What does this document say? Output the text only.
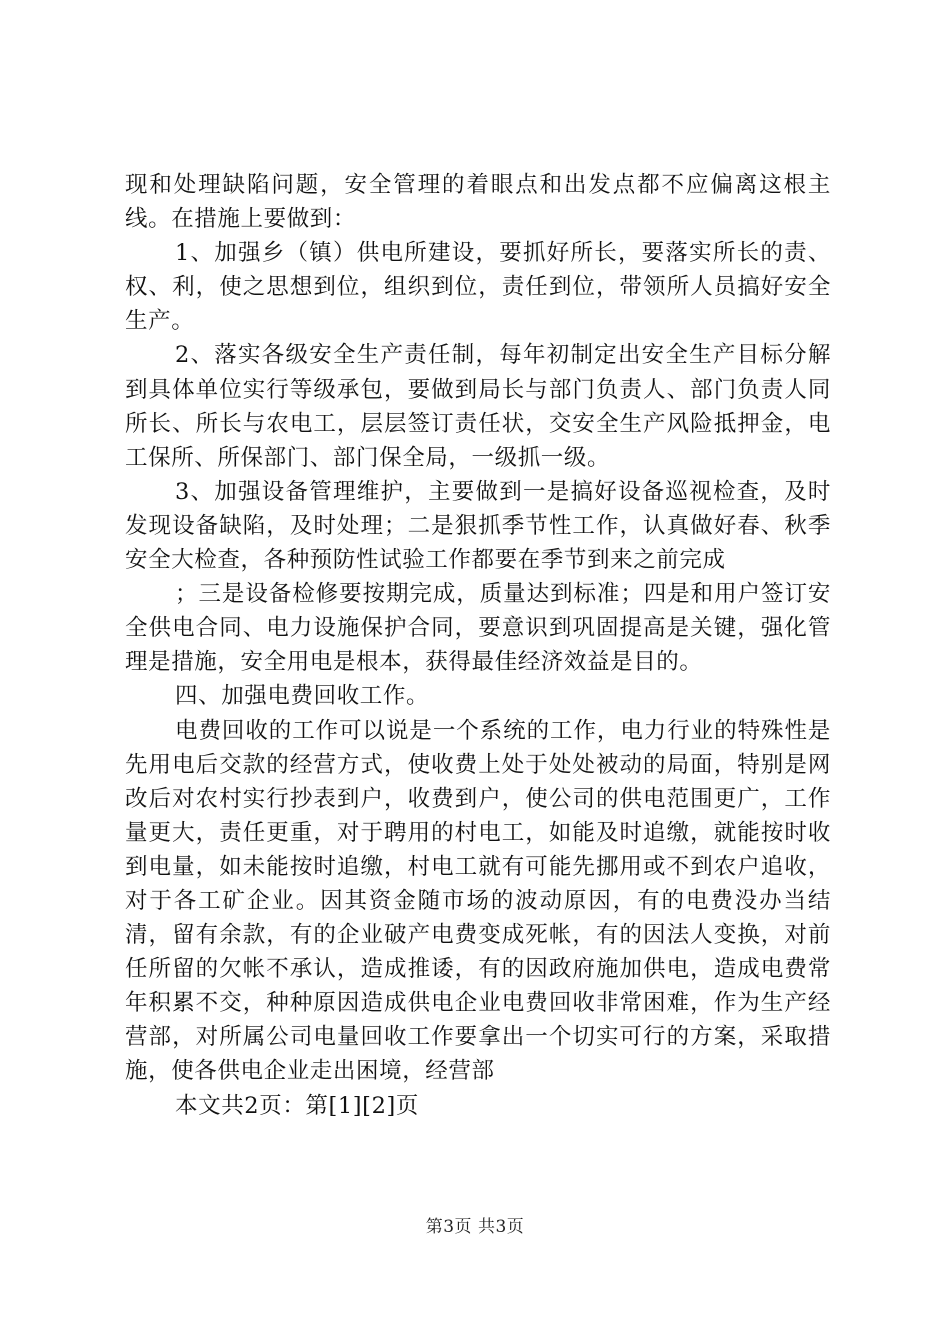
现和处理缺陷问题，安全管理的着眼点和出发点都不应偏离这根主线。在措施上要做到：

1、加强乡（镇）供电所建设，要抓好所长，要落实所长的责、权、利，使之思想到位，组织到位，责任到位，带领所人员搞好安全生产。

2、落实各级安全生产责任制，每年初制定出安全生产目标分解到具体单位实行等级承包，要做到局长与部门负责人、部门负责人同所长、所长与农电工，层层签订责任状，交安全生产风险抵押金，电工保所、所保部门、部门保全局，一级抓一级。

3、加强设备管理维护，主要做到一是搞好设备巡视检查，及时发现设备缺陷，及时处理；二是狠抓季节性工作，认真做好春、秋季安全大检查，各种预防性试验工作都要在季节到来之前完成

；三是设备检修要按期完成，质量达到标准；四是和用户签订安全供电合同、电力设施保护合同，要意识到巩固提高是关键，强化管理是措施，安全用电是根本，获得最佳经济效益是目的。

四、加强电费回收工作。

电费回收的工作可以说是一个系统的工作，电力行业的特殊性是先用电后交款的经营方式，使收费上处于处处被动的局面，特别是网改后对农村实行抄表到户，收费到户，使公司的供电范围更广，工作量更大，责任更重，对于聘用的村电工，如能及时追缴，就能按时收到电量，如未能按时追缴，村电工就有可能先挪用或不到农户追收，对于各工矿企业。因其资金随市场的波动原因，有的电费没办当结清，留有余款，有的企业破产电费变成死帐，有的因法人变换，对前任所留的欠帐不承认，造成推诿，有的因政府施加供电，造成电费常年积累不交，种种原因造成供电企业电费回收非常困难，作为生产经营部，对所属公司电量回收工作要拿出一个切实可行的方案，采取措施，使各供电企业走出困境，经营部

本文共2页：第[1][2]页

第3页 共3页
